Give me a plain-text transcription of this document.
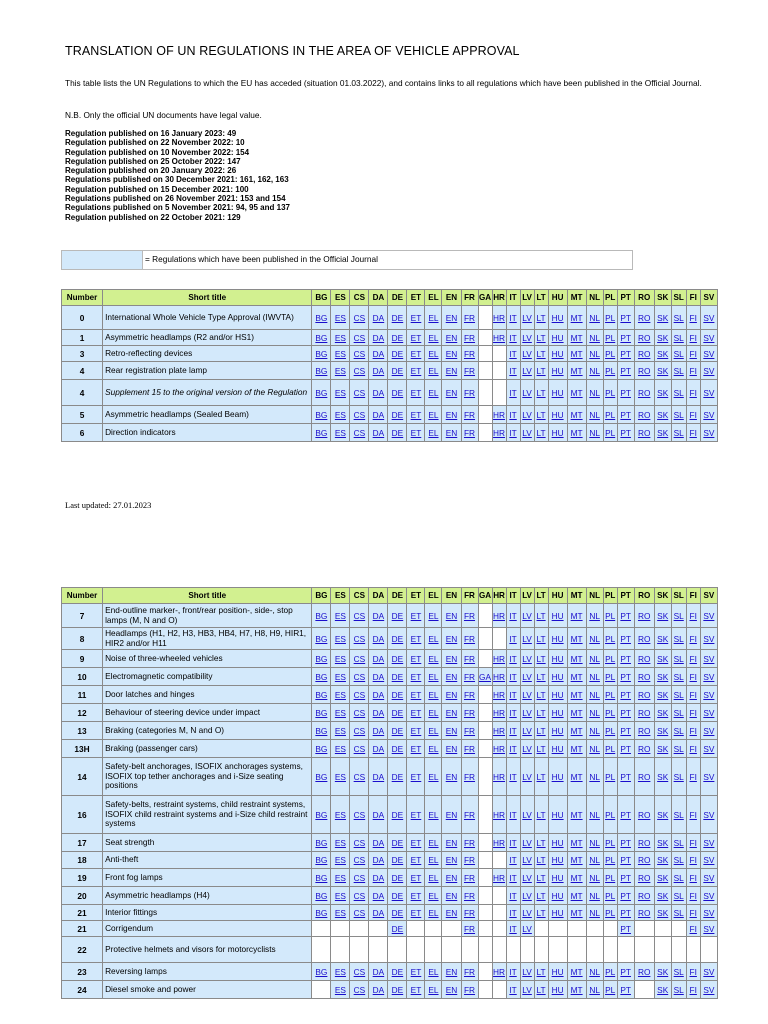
TRANSLATION OF UN REGULATIONS IN THE AREA OF VEHICLE APPROVAL
This table lists the UN Regulations to which the EU has acceded (situation 01.03.2022), and contains links to all regulations which have been published in the Official Journal.
N.B. Only the official UN documents have legal value.
Regulation published on 16 January 2023: 49
Regulation published on 22 November 2022: 10
Regulation published on 10 November 2022: 154
Regulation published on 25 October 2022: 147
Regulation published on 20 January 2022: 26
Regulations published on 30 December 2021: 161, 162, 163
Regulation published on 15 December 2021: 100
Regulations published on 26 November 2021: 153 and 154
Regulations published on 5 November 2021: 94, 95 and 137
Regulation published on 22 October 2021: 129
= Regulations which have been published in the Official Journal
Number	Short title	BG	ES	CS	DA	DE	ET	EL	EN	FR	GA	HR	IT	LV	LT	HU	MT	NL	PL	PT	RO	SK	SL	FI	SV
0	International Whole Vehicle Type Approval (IWVTA)	BG	ES	CS	DA	DE	ET	EL	EN	FR		HR	IT	LV	LT	HU	MT	NL	PL	PT	RO	SK	SL	FI	SV
1	Asymmetric headlamps (R2 and/or HS1)	BG	ES	CS	DA	DE	ET	EL	EN	FR		HR	IT	LV	LT	HU	MT	NL	PL	PT	RO	SK	SL	FI	SV
3	Retro-reflecting devices	BG	ES	CS	DA	DE	ET	EL	EN	FR			IT	LV	LT	HU	MT	NL	PL	PT	RO	SK	SL	FI	SV
4	Rear registration plate lamp	BG	ES	CS	DA	DE	ET	EL	EN	FR			IT	LV	LT	HU	MT	NL	PL	PT	RO	SK	SL	FI	SV
4	Supplement 15 to the original version of the Regulation	BG	ES	CS	DA	DE	ET	EL	EN	FR			IT	LV	LT	HU	MT	NL	PL	PT	RO	SK	SL	FI	SV
5	Asymmetric headlamps (Sealed Beam)	BG	ES	CS	DA	DE	ET	EL	EN	FR		HR	IT	LV	LT	HU	MT	NL	PL	PT	RO	SK	SL	FI	SV
6	Direction indicators	BG	ES	CS	DA	DE	ET	EL	EN	FR		HR	IT	LV	LT	HU	MT	NL	PL	PT	RO	SK	SL	FI	SV
Last updated: 27.01.2023
Number	Short title	BG	ES	CS	DA	DE	ET	EL	EN	FR	GA	HR	IT	LV	LT	HU	MT	NL	PL	PT	RO	SK	SL	FI	SV
7	End-outline marker-, front/rear position-, side-, stop lamps (M, N and O)	BG	ES	CS	DA	DE	ET	EL	EN	FR		HR	IT	LV	LT	HU	MT	NL	PL	PT	RO	SK	SL	FI	SV
8	Headlamps (H1, H2, H3, HB3, HB4, H7, H8, H9, HIR1, HIR2 and/or H11	BG	ES	CS	DA	DE	ET	EL	EN	FR			IT	LV	LT	HU	MT	NL	PL	PT	RO	SK	SL	FI	SV
9	Noise of three-wheeled vehicles	BG	ES	CS	DA	DE	ET	EL	EN	FR		HR	IT	LV	LT	HU	MT	NL	PL	PT	RO	SK	SL	FI	SV
10	Electromagnetic compatibility	BG	ES	CS	DA	DE	ET	EL	EN	FR	GA	HR	IT	LV	LT	HU	MT	NL	PL	PT	RO	SK	SL	FI	SV
11	Door latches and hinges	BG	ES	CS	DA	DE	ET	EL	EN	FR		HR	IT	LV	LT	HU	MT	NL	PL	PT	RO	SK	SL	FI	SV
12	Behaviour of steering device under impact	BG	ES	CS	DA	DE	ET	EL	EN	FR		HR	IT	LV	LT	HU	MT	NL	PL	PT	RO	SK	SL	FI	SV
13	Braking (categories M, N and O)	BG	ES	CS	DA	DE	ET	EL	EN	FR		HR	IT	LV	LT	HU	MT	NL	PL	PT	RO	SK	SL	FI	SV
13H	Braking (passenger cars)	BG	ES	CS	DA	DE	ET	EL	EN	FR		HR	IT	LV	LT	HU	MT	NL	PL	PT	RO	SK	SL	FI	SV
14	Safety-belt anchorages, ISOFIX anchorages systems, ISOFIX top tether anchorages and i-Size seating positions	BG	ES	CS	DA	DE	ET	EL	EN	FR		HR	IT	LV	LT	HU	MT	NL	PL	PT	RO	SK	SL	FI	SV
16	Safety-belts, restraint systems, child restraint systems, ISOFIX child restraint systems and i-Size child restraint systems	BG	ES	CS	DA	DE	ET	EL	EN	FR		HR	IT	LV	LT	HU	MT	NL	PL	PT	RO	SK	SL	FI	SV
17	Seat strength	BG	ES	CS	DA	DE	ET	EL	EN	FR		HR	IT	LV	LT	HU	MT	NL	PL	PT	RO	SK	SL	FI	SV
18	Anti-theft	BG	ES	CS	DA	DE	ET	EL	EN	FR			IT	LV	LT	HU	MT	NL	PL	PT	RO	SK	SL	FI	SV
19	Front fog lamps	BG	ES	CS	DA	DE	ET	EL	EN	FR		HR	IT	LV	LT	HU	MT	NL	PL	PT	RO	SK	SL	FI	SV
20	Asymmetric headlamps (H4)	BG	ES	CS	DA	DE	ET	EL	EN	FR			IT	LV	LT	HU	MT	NL	PL	PT	RO	SK	SL	FI	SV
21	Interior fittings	BG	ES	CS	DA	DE	ET	EL	EN	FR			IT	LV	LT	HU	MT	NL	PL	PT	RO	SK	SL	FI	SV
21	Corrigendum					DE				FR			IT	LV						PT				FI	SV
22	Protective helmets and visors for motorcyclists																								
23	Reversing lamps	BG	ES	CS	DA	DE	ET	EL	EN	FR		HR	IT	LV	LT	HU	MT	NL	PL	PT	RO	SK	SL	FI	SV
24	Diesel smoke and power		ES	CS	DA	DE	ET	EL	EN	FR			IT	LV	LT	HU	MT	NL	PL	PT		SK	SL	FI	SV
